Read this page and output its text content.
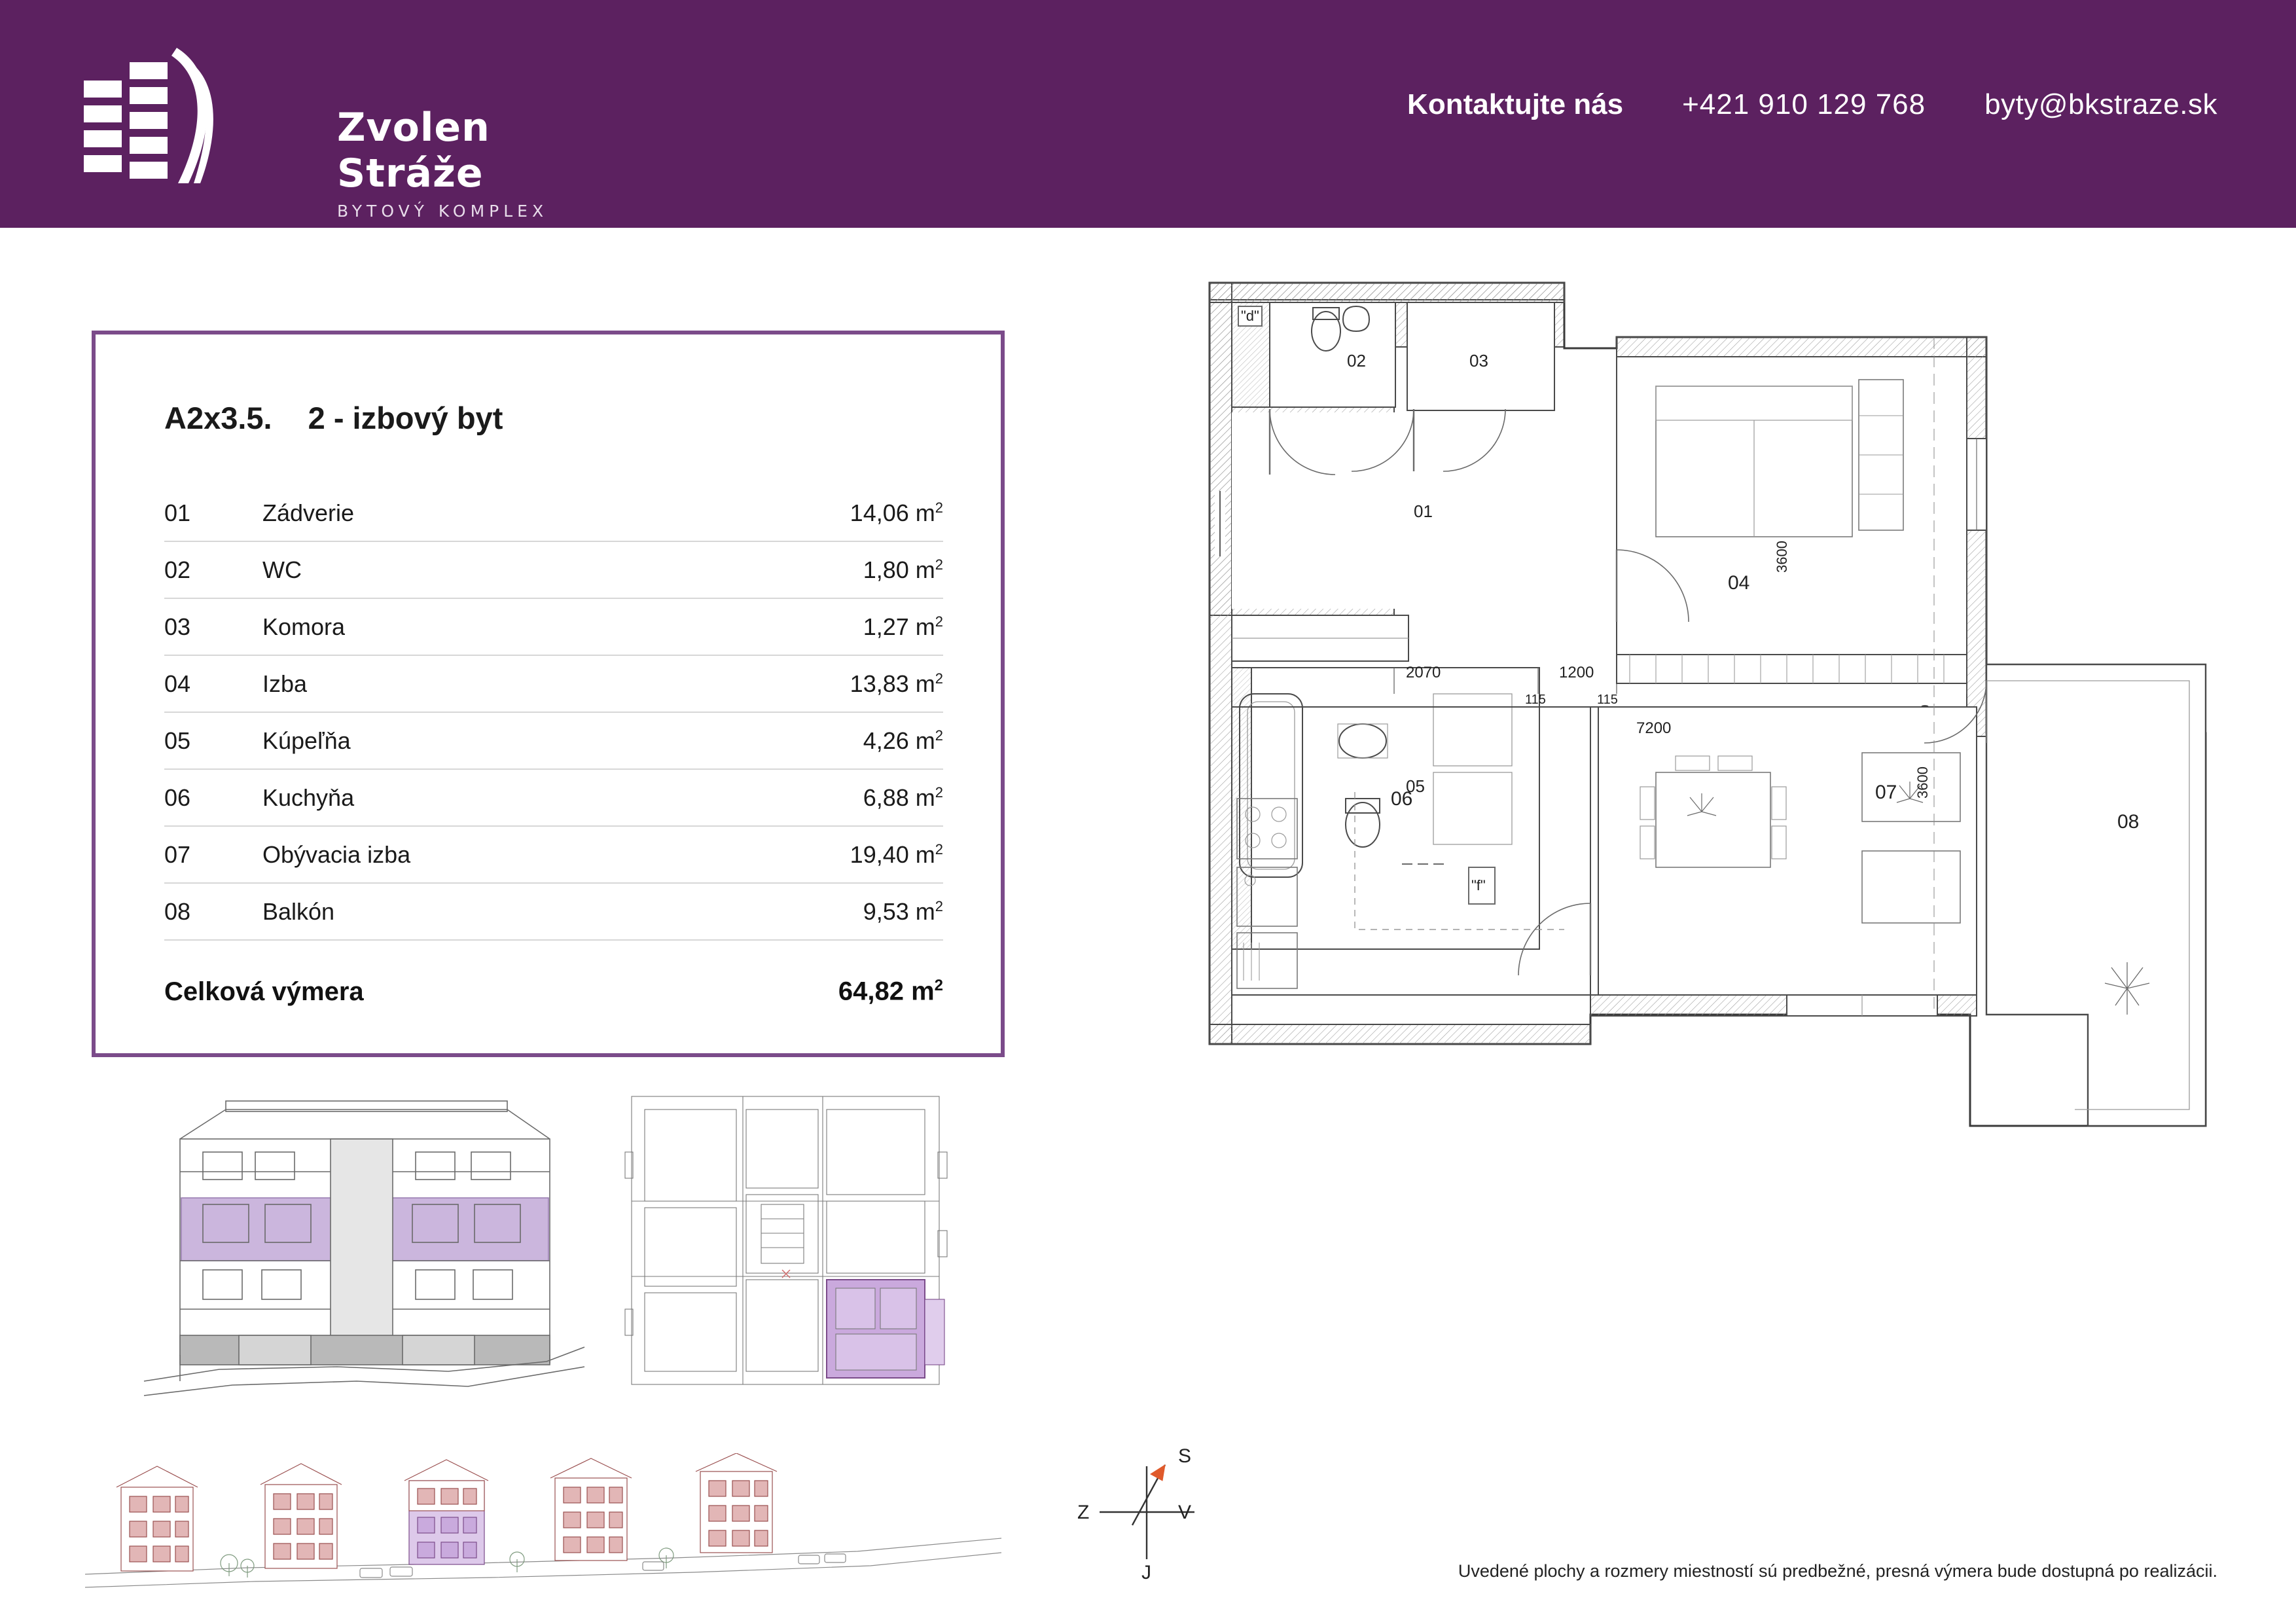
Zvolen Stráže
BYTOVÝ KOMPLEX
Kontaktujte nás +421 910 129 768 byty@bkstraze.sk
A2x3.5. 2 - izbový byt
01	Zádverie	14,06 $m^2$
02	WC	1,80 $m^2$
03	Komora	1,27 $m^2$
04	Izba	13,83 $m^2$
05	Kúpeľňa	4,26 $m^2$
06	Kuchyňa	6,88 $m^2$
07	Obývacia izba	19,40 $m^2$
08	Balkón	9,53 $m^2$
Celková výmera	64,82 $m^2$
02	03
01
"d"
05
"f"
04
3600
2070	1200
115	115
07 3600
7200
06
08
S
V
J
Z
Uvedené plochy a rozmery miestností sú predbežné, presná výmera bude dostupná po realizácii.
